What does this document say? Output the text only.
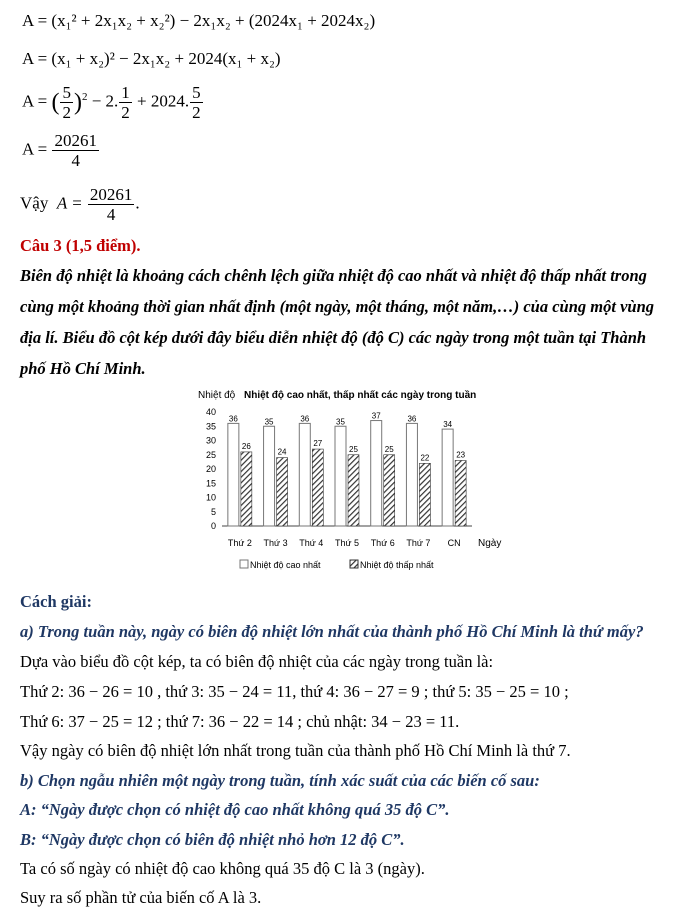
A = (x₁² + 2x₁x₂ + x₂²) − 2x₁x₂ + (2024x₁ + 2024x₂)
A = (x₁ + x₂)² − 2x₁x₂ + 2024(x₁ + x₂)
A = ( $\frac{5}{2} )^2 - 2$. $\frac{1}{2} + 2024$. $\frac{5}{2}$
$A = \frac{20261}{4}$
Vậy $A = \frac{20261}{4}$ .
Câu 3 (1,5 điểm).
Biên độ nhiệt là khoảng cách chênh lệch giữa nhiệt độ cao nhất và nhiệt độ thấp nhất trong
cùng một khoảng thời gian nhất định (một ngày, một tháng, một năm,…) của cùng một vùng
địa lí. Biểu đồ cột kép dưới đây biểu diễn nhiệt độ (độ C) các ngày trong một tuần tại Thành
phố Hồ Chí Minh.
Nhiệt độ Nhiệt độ cao nhất, thấp nhất các ngày trong tuần
0
5
10
15
20
25
30
35
40
Thứ 2 Thứ 3 Thứ 4 Thứ 5 Thứ 6 Thứ 7 CN
36
26
35
24
36
27
35
25
37
25
36
22
34
23
Ngày
Nhiệt độ cao nhất	Nhiệt độ thấp nhất
Cách giải:
a) Trong tuần này, ngày có biên độ nhiệt lớn nhất của thành phố Hồ Chí Minh là thứ mấy?
Dựa vào biểu đồ cột kép, ta có biên độ nhiệt của các ngày trong tuần là:
Thứ 2: 36 − 26 = 10 , thứ 3: 35 − 24 = 11, thứ 4: 36 − 27 = 9 ; thứ 5: 35 − 25 = 10 ;
Thứ 6: 37 − 25 = 12 ; thứ 7: 36 − 22 = 14 ; chủ nhật: 34 − 23 = 11.
Vậy ngày có biên độ nhiệt lớn nhất trong tuần của thành phố Hồ Chí Minh là thứ 7.
b) Chọn ngẫu nhiên một ngày trong tuần, tính xác suất của các biến cố sau:
A: “Ngày được chọn có nhiệt độ cao nhất không quá 35 độ C”.
B: “Ngày được chọn có biên độ nhiệt nhỏ hơn 12 độ C”.
Ta có số ngày có nhiệt độ cao không quá 35 độ C là 3 (ngày).
Suy ra số phần tử của biến cố A là 3.
